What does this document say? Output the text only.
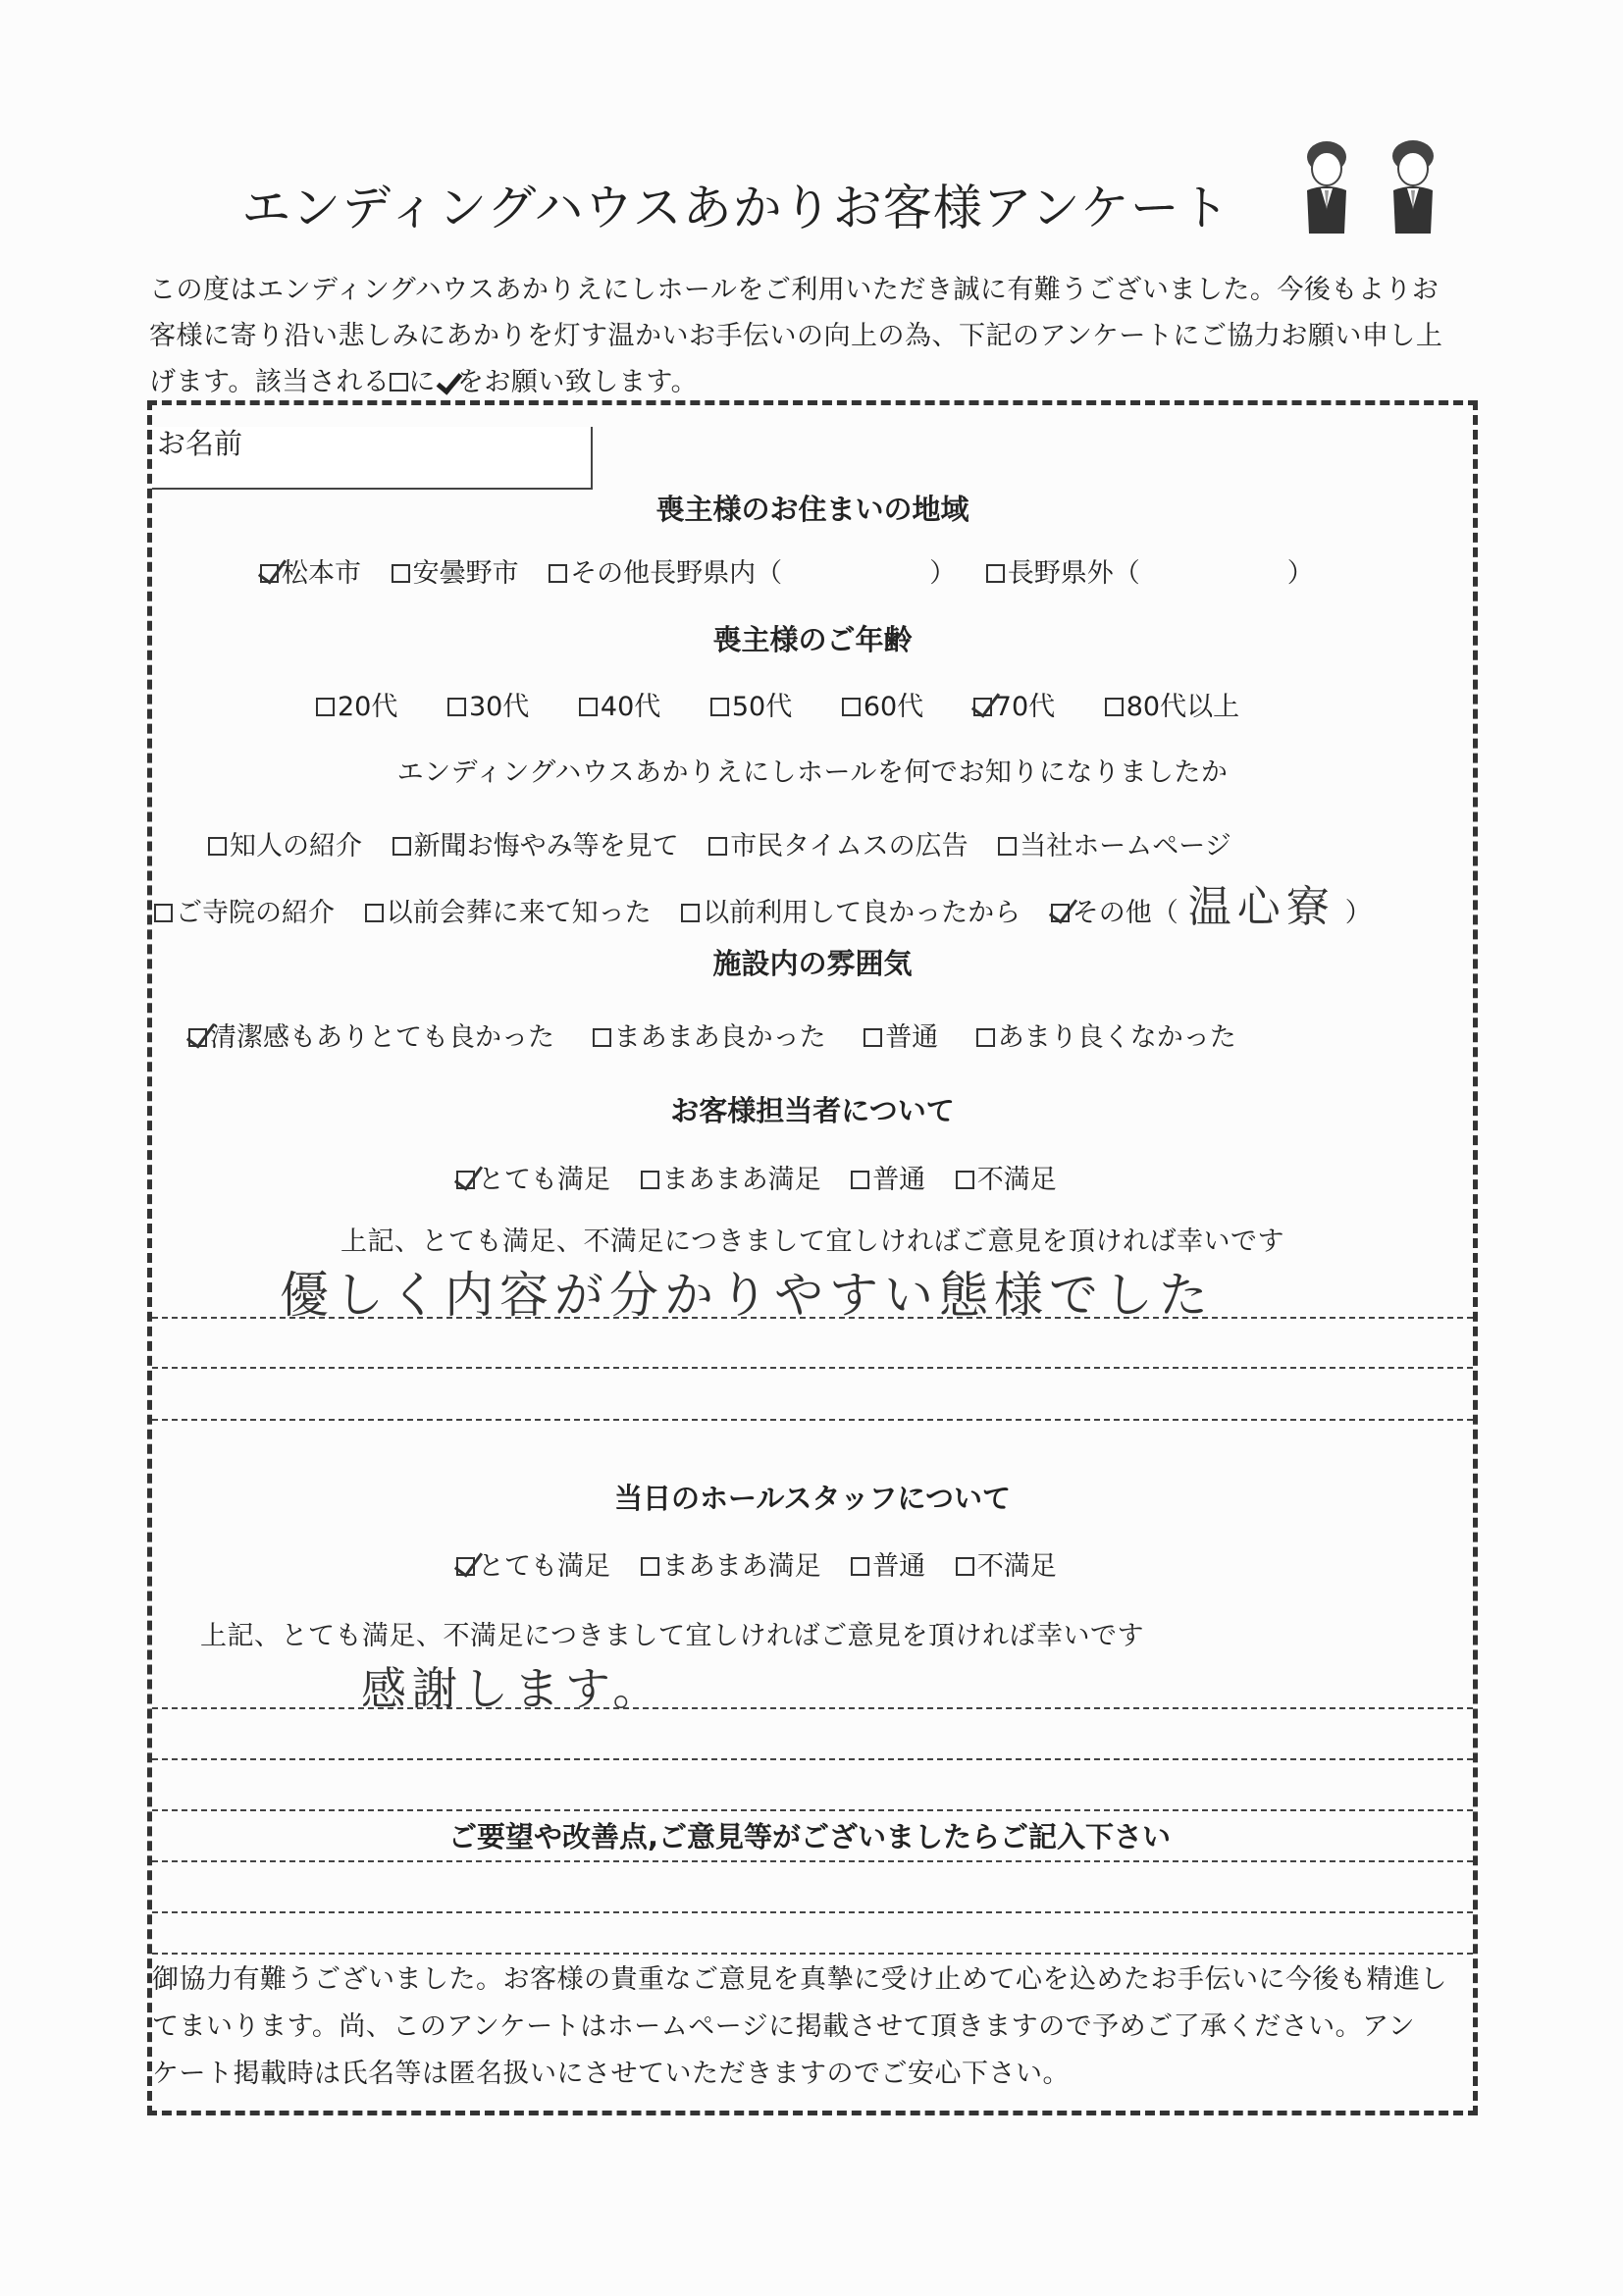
エンディングハウスあかりお客様アンケート
この度はエンディングハウスあかりえにしホールをご利用いただき誠に有難うございました。今後もよりお
客様に寄り沿い悲しみにあかりを灯す温かいお手伝いの向上の為、下記のアンケートにご協力お願い申し上
げます。該当される に をお願い致します。
お名前
喪主様のお住まいの地域
松本市 安曇野市 その他長野県内（	） 長野県外（	）
喪主様のご年齢
20代	30代	40代	50代	60代	70代	80代以上
エンディングハウスあかりえにしホールを何でお知りになりましたか
知人の紹介 新聞お悔やみ等を見て 市民タイムスの広告 当社ホームページ
ご寺院の紹介 以前会葬に来て知った 以前利用して良かったから その他（ 温心寮 ）
施設内の雰囲気
清潔感もありとても良かった まあまあ良かった 普通 あまり良くなかった
お客様担当者について
とても満足 まあまあ満足 普通 不満足
上記、とても満足、不満足につきまして宜しければご意見を頂ければ幸いです
優しく内容が分かりやすい態様でした
当日のホールスタッフについて
とても満足 まあまあ満足 普通 不満足
上記、とても満足、不満足につきまして宜しければご意見を頂ければ幸いです
感謝します。
ご要望や改善点,ご意見等がございましたらご記入下さい
御協力有難うございました。お客様の貴重なご意見を真摯に受け止めて心を込めたお手伝いに今後も精進し
てまいります。尚、このアンケートはホームページに掲載させて頂きますので予めご了承ください。アン
ケート掲載時は氏名等は匿名扱いにさせていただきますのでご安心下さい。
